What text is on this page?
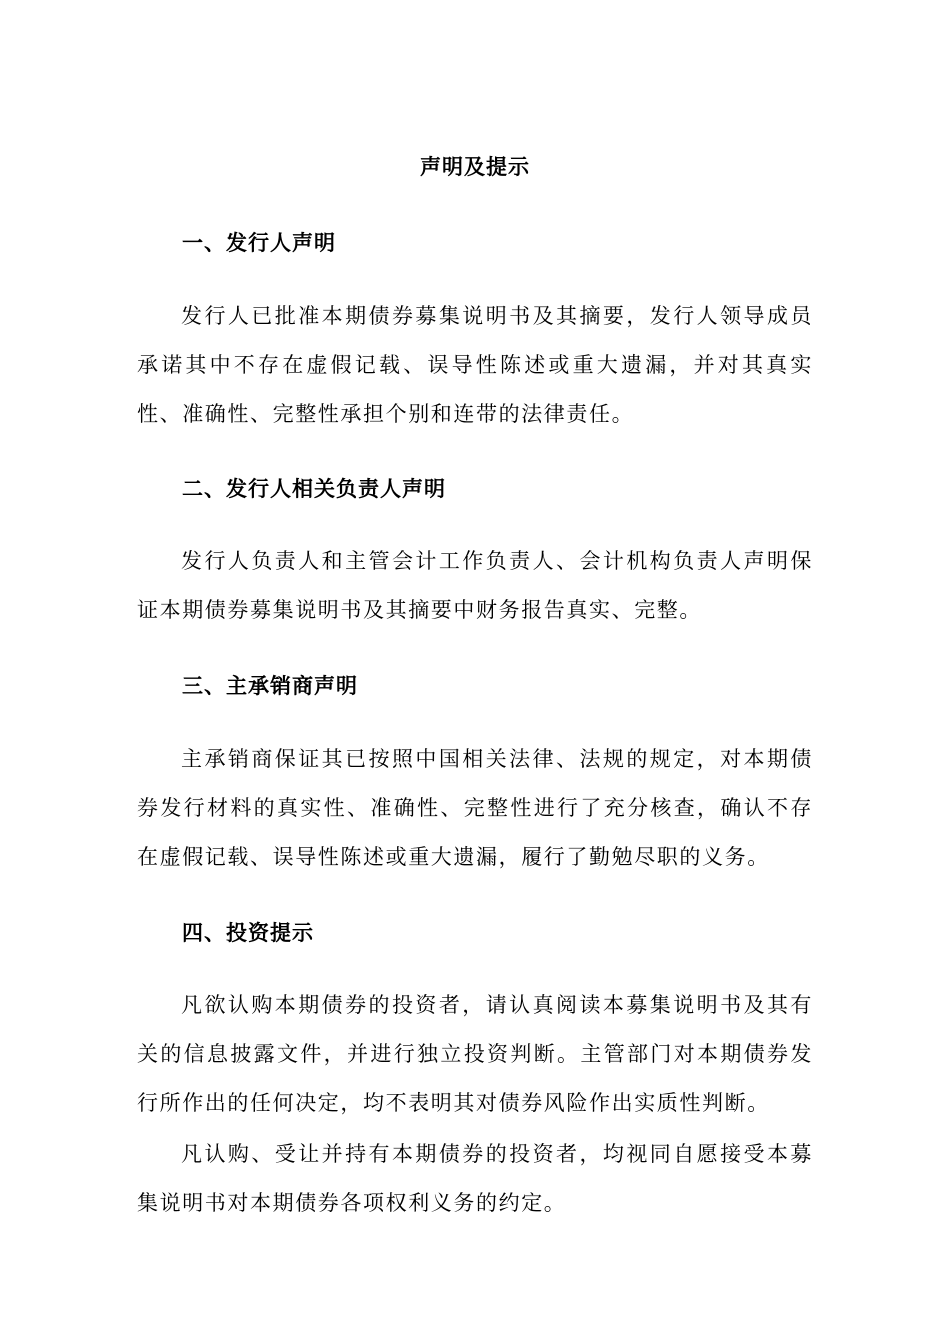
声明及提示
一、发行人声明
发行人已批准本期债券募集说明书及其摘要，发行人领导成员承诺其中不存在虚假记载、误导性陈述或重大遗漏，并对其真实性、准确性、完整性承担个别和连带的法律责任。
二、发行人相关负责人声明
发行人负责人和主管会计工作负责人、会计机构负责人声明保证本期债券募集说明书及其摘要中财务报告真实、完整。
三、主承销商声明
主承销商保证其已按照中国相关法律、法规的规定，对本期债券发行材料的真实性、准确性、完整性进行了充分核查，确认不存在虚假记载、误导性陈述或重大遗漏，履行了勤勉尽职的义务。
四、投资提示
凡欲认购本期债券的投资者，请认真阅读本募集说明书及其有关的信息披露文件，并进行独立投资判断。主管部门对本期债券发行所作出的任何决定，均不表明其对债券风险作出实质性判断。
凡认购、受让并持有本期债券的投资者，均视同自愿接受本募集说明书对本期债券各项权利义务的约定。
